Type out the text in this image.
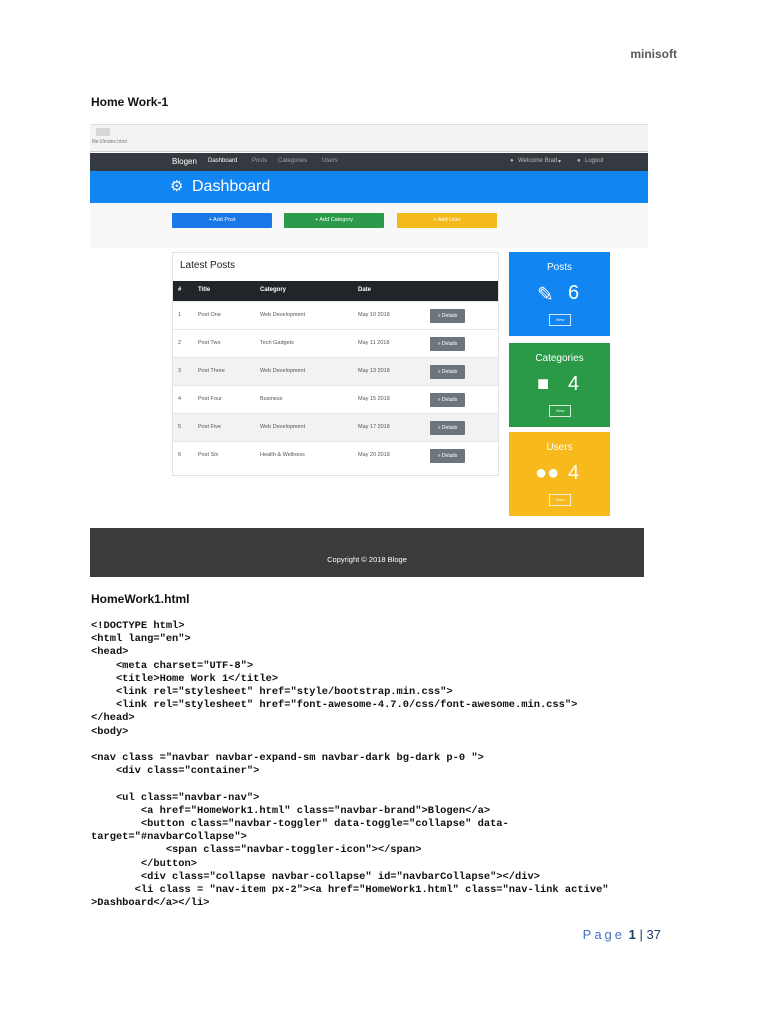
minisoft
Home Work-1
file:///index.html
Blogen Dashboard Posts Categories Users	● Welcome Brad ▾	● Logout
⚙ Dashboard
+ Add Post	+ Add Category	+ Add User
Latest Posts
#	Title	Category	Date
1	Post One	Web Development	May 10 2018	» Details
2	Post Two	Tech Gadgets	May 11 2018	» Details
3	Post Three	Web Development	May 13 2018	» Details
4	Post Four	Business	May 15 2018	» Details
5	Post Five	Web Development	May 17 2018	» Details
6	Post Six	Health & Wellness	May 20 2018	» Details
Posts
✎ 6
View
Categories
■ 4
View
Users
●● 4
View
Copyright © 2018 Bloge
HomeWork1.html
<!DOCTYPE html>
<html lang="en">
<head>
<meta charset="UTF-8">
<title>Home Work 1</title>
<link rel="stylesheet" href="style/bootstrap.min.css">
<link rel="stylesheet" href="font-awesome-4.7.0/css/font-awesome.min.css">
</head>
<body>

<nav class ="navbar navbar-expand-sm navbar-dark bg-dark p-0 ">
<div class="container">

<ul class="navbar-nav">
<a href="HomeWork1.html" class="navbar-brand">Blogen</a>
<button class="navbar-toggler" data-toggle="collapse" data-
target="#navbarCollapse">
<span class="navbar-toggler-icon"></span>
</button>
<div class="collapse navbar-collapse" id="navbarCollapse"></div>
<li class = "nav-item px-2"><a href="HomeWork1.html" class="nav-link active"
>Dashboard</a></li>
Page 1 | 37
